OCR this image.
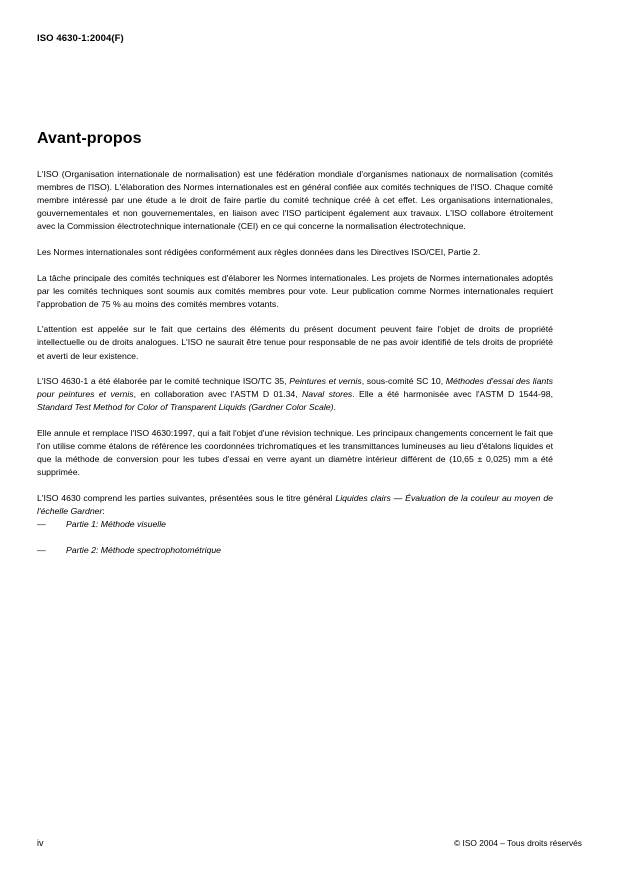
ISO 4630-1:2004(F)
Avant-propos

L'ISO (Organisation internationale de normalisation) est une fédération mondiale d'organismes nationaux de normalisation (comités membres de l'ISO). L'élaboration des Normes internationales est en général confiée aux comités techniques de l'ISO. Chaque comité membre intéressé par une étude a le droit de faire partie du comité technique créé à cet effet. Les organisations internationales, gouvernementales et non gouvernementales, en liaison avec l'ISO participent également aux travaux. L'ISO collabore étroitement avec la Commission électrotechnique internationale (CEI) en ce qui concerne la normalisation électrotechnique.

Les Normes internationales sont rédigées conformément aux règles données dans les Directives ISO/CEI, Partie 2.

La tâche principale des comités techniques est d'élaborer les Normes internationales. Les projets de Normes internationales adoptés par les comités techniques sont soumis aux comités membres pour vote. Leur publication comme Normes internationales requiert l'approbation de 75 % au moins des comités membres votants.

L'attention est appelée sur le fait que certains des éléments du présent document peuvent faire l'objet de droits de propriété intellectuelle ou de droits analogues. L'ISO ne saurait être tenue pour responsable de ne pas avoir identifié de tels droits de propriété et averti de leur existence.

L'ISO 4630-1 a été élaborée par le comité technique ISO/TC 35, Peintures et vernis, sous-comité SC 10, Méthodes d'essai des liants pour peintures et vernis, en collaboration avec l'ASTM D 01.34, Naval stores. Elle a été harmonisée avec l'ASTM D 1544-98, Standard Test Method for Color of Transparent Liquids (Gardner Color Scale).

Elle annule et remplace l'ISO 4630:1997, qui a fait l'objet d'une révision technique. Les principaux changements concernent le fait que l'on utilise comme étalons de référence les coordonnées trichromatiques et les transmittances lumineuses au lieu d'étalons liquides et que la méthode de conversion pour les tubes d'essai en verre ayant un diamètre intérieur différent de (10,65 ± 0,025) mm a été supprimée.

L'ISO 4630 comprend les parties suivantes, présentées sous le titre général Liquides clairs — Évaluation de la couleur au moyen de l'échelle Gardner:

— Partie 1: Méthode visuelle
— Partie 2: Méthode spectrophotométrique
iv	© ISO 2004 – Tous droits réservés
